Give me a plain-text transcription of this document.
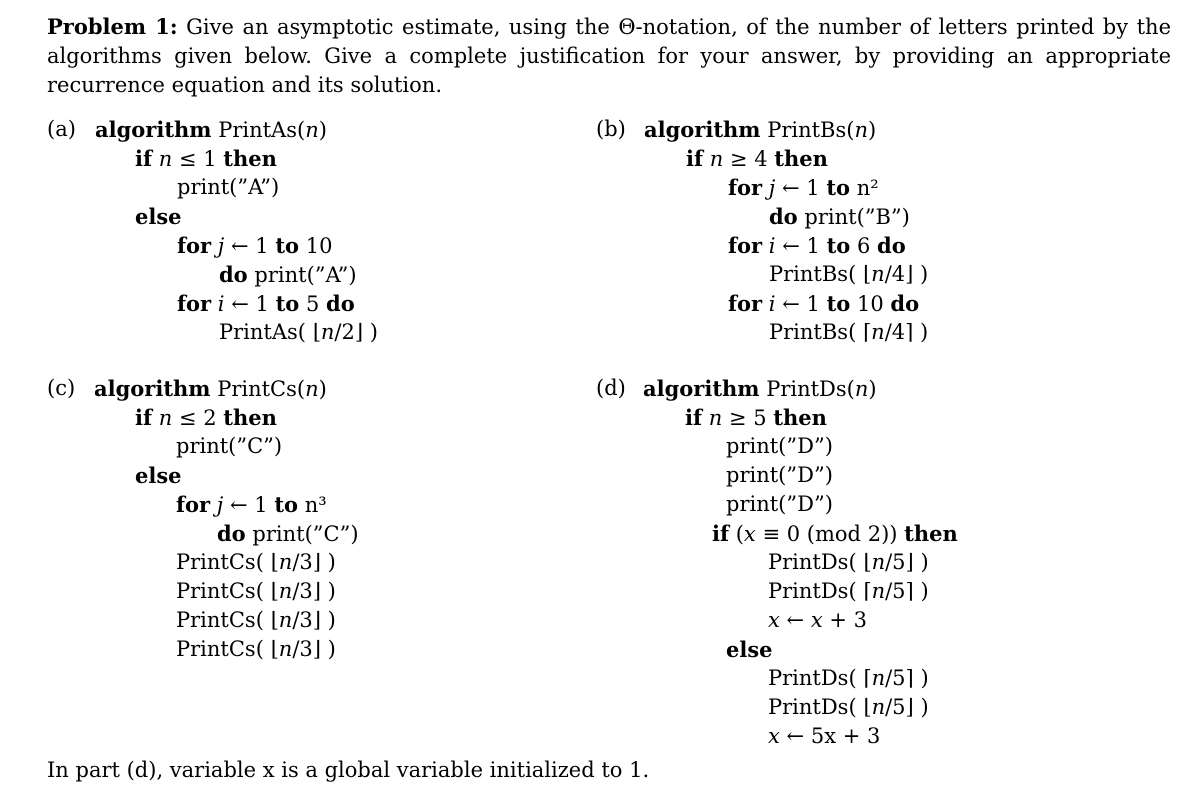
Problem 1: Give an asymptotic estimate, using the Θ-notation, of the number of letters printed by the algorithms given below. Give a complete justification for your answer, by providing an appropriate recurrence equation and its solution.
(a) algorithm PrintAs(n)
if n ≤ 1 then
print(”A”)
else
for j ← 1 to 10
do print(”A”)
for i ← 1 to 5 do
PrintAs( ⌊n/2⌋ )
(b) algorithm PrintBs(n)
if n ≥ 4 then
for j ← 1 to n²
do print(”B”)
for i ← 1 to 6 do
PrintBs( ⌊n/4⌋ )
for i ← 1 to 10 do
PrintBs( ⌈n/4⌉ )
(c) algorithm PrintCs(n)
if n ≤ 2 then
print(”C”)
else
for j ← 1 to n³
do print(”C”)
PrintCs( ⌊n/3⌋ )
PrintCs( ⌊n/3⌋ )
PrintCs( ⌊n/3⌋ )
PrintCs( ⌊n/3⌋ )
(d) algorithm PrintDs(n)
if n ≥ 5 then
print(”D”)
print(”D”)
print(”D”)
if (x ≡ 0 (mod 2)) then
PrintDs( ⌊n/5⌋ )
PrintDs( ⌈n/5⌉ )
x ← x + 3
else
PrintDs( ⌈n/5⌉ )
PrintDs( ⌊n/5⌋ )
x ← 5x + 3
In part (d), variable x is a global variable initialized to 1.
